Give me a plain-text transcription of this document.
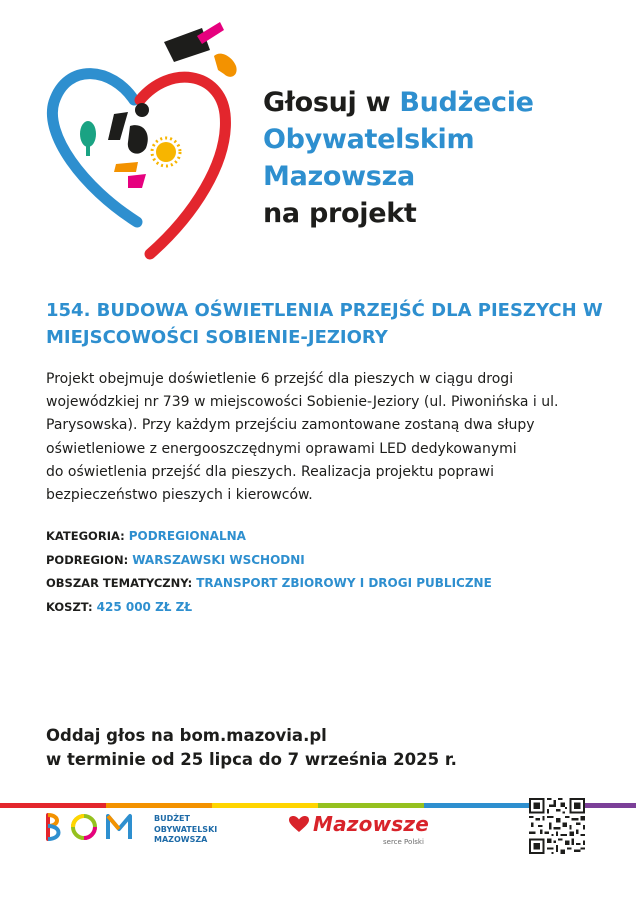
Głosuj w Budżecie
Obywatelskim
Mazowsza
na projekt
154. BUDOWA OŚWIETLENIA PRZEJŚĆ DLA PIESZYCH W MIEJSCOWOŚCI SOBIENIE-JEZIORY
Projekt obejmuje doświetlenie 6 przejść dla pieszych w ciągu drogi
wojewódzkiej nr 739 w miejscowości Sobienie-Jeziory (ul. Piwonińska i ul.
Parysowska). Przy każdym przejściu zamontowane zostaną dwa słupy
oświetleniowe z energooszczędnymi oprawami LED dedykowanymi
do oświetlenia przejść dla pieszych. Realizacja projektu poprawi
bezpieczeństwo pieszych i kierowców.
KATEGORIA: PODREGIONALNA
PODREGION: WARSZAWSKI WSCHODNI
OBSZAR TEMATYCZNY: TRANSPORT ZBIOROWY I DROGI PUBLICZNE
KOSZT: 425 000 ZŁ ZŁ
Oddaj głos na bom.mazovia.pl
w terminie od 25 lipca do 7 września 2025 r.
BUDŻET
OBYWATELSKI
MAZOWSZA
Mazowsze
serce Polski
